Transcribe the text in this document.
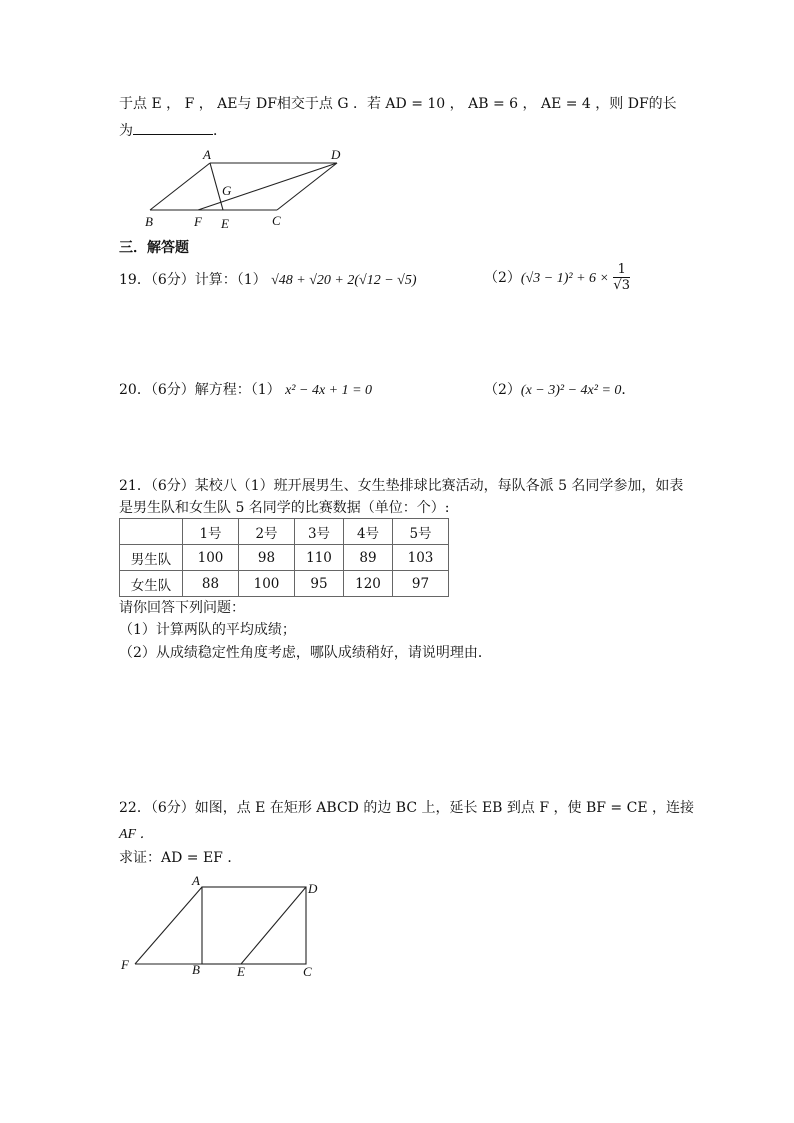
于点 E ， F ， AE与 DF相交于点 G ．若 AD = 10 ， AB = 6 ， AE = 4 ，则 DF的长
为	．
A	D
G
B	F E	C
三．解答题
19．（6分）计算：（1） √48 + √20 + 2(√12 − √5)	$(2)(√3 - 1)^2 + 6 \times \frac{1}{√3}$
20．（6分）解方程：（1） x² − 4x + 1 = 0	（2）(x − 3)² − 4x² = 0．
21．（6分）某校八（1）班开展男生、女生垫排球比赛活动，每队各派 5 名同学参加，如表
是男生队和女生队 5 名同学的比赛数据（单位：个）:
	1号	2号	3号	4号	5号
男生队	100	98	110	89	103
女生队	88	100	95	120	97
请你回答下列问题：
（1）计算两队的平均成绩；
（2）从成绩稳定性角度考虑，哪队成绩稍好，请说明理由．
22．（6分）如图，点 E 在矩形 ABCD 的边 BC 上，延长 EB 到点 F ，使 BF = CE ，连接
AF ．
求证：AD = EF ．
A
D
F	B	E	C
